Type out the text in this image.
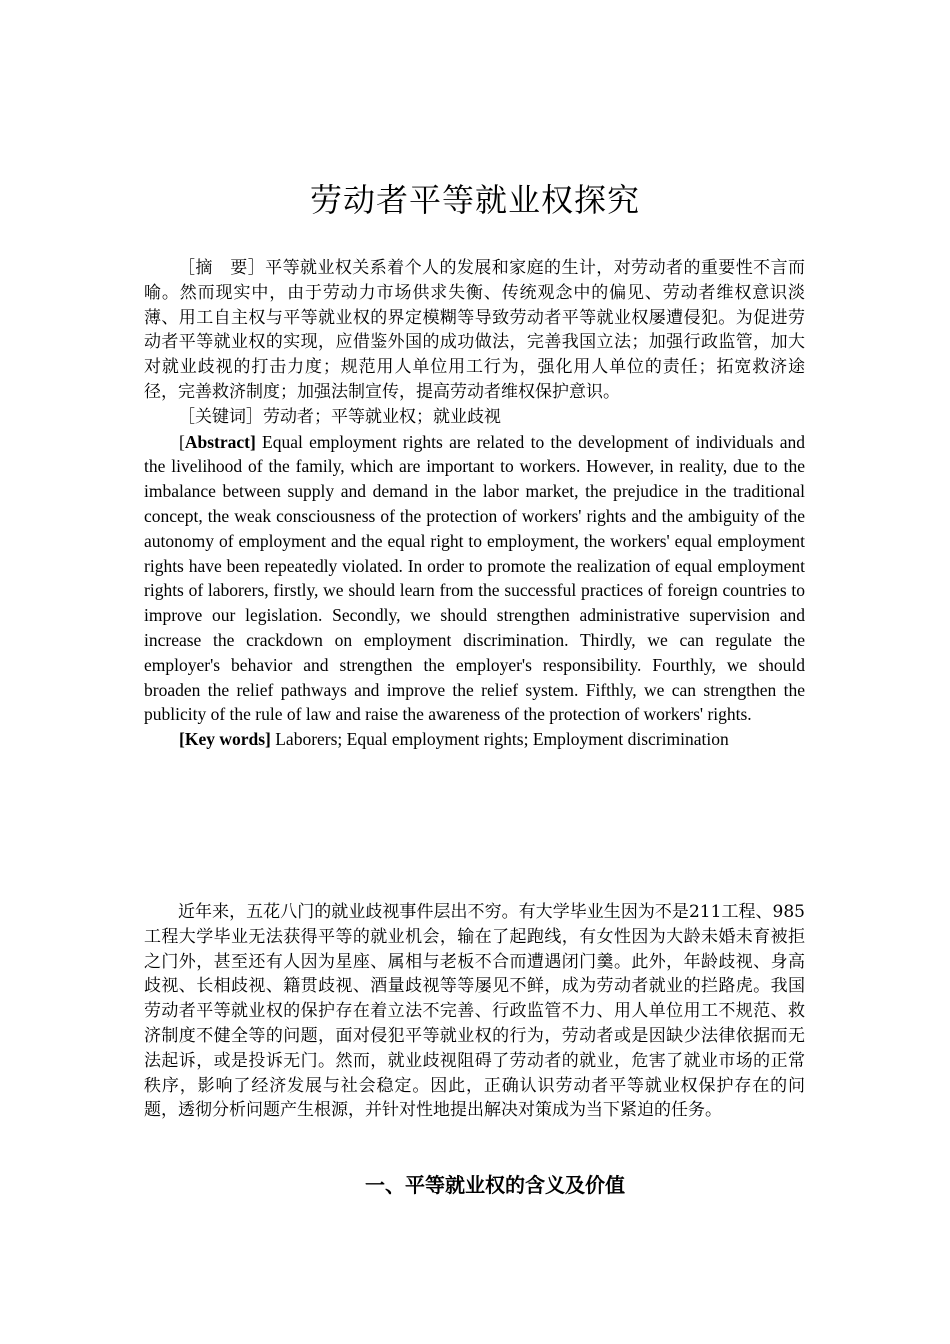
劳动者平等就业权探究

［摘　要］平等就业权关系着个人的发展和家庭的生计，对劳动者的重要性不言而喻。然而现实中，由于劳动力市场供求失衡、传统观念中的偏见、劳动者维权意识淡薄、用工自主权与平等就业权的界定模糊等导致劳动者平等就业权屡遭侵犯。为促进劳动者平等就业权的实现，应借鉴外国的成功做法，完善我国立法；加强行政监管，加大对就业歧视的打击力度；规范用人单位用工行为，强化用人单位的责任；拓宽救济途径，完善救济制度；加强法制宣传，提高劳动者维权保护意识。

［关键词］劳动者；平等就业权；就业歧视

[Abstract] Equal employment rights are related to the development of individuals and the livelihood of the family, which are important to workers. However, in reality, due to the imbalance between supply and demand in the labor market, the prejudice in the traditional concept, the weak consciousness of the protection of workers' rights and the ambiguity of the autonomy of employment and the equal right to employment, the workers' equal employment rights have been repeatedly violated. In order to promote the realization of equal employment rights of laborers, firstly, we should learn from the successful practices of foreign countries to improve our legislation. Secondly, we should strengthen administrative supervision and increase the crackdown on employment discrimination. Thirdly, we can regulate the employer's behavior and strengthen the employer's responsibility. Fourthly, we should broaden the relief pathways and improve the relief system. Fifthly, we can strengthen the publicity of the rule of law and raise the awareness of the protection of workers' rights.

[Key words] Laborers; Equal employment rights; Employment discrimination

近年来，五花八门的就业歧视事件层出不穷。有大学毕业生因为不是211工程、985工程大学毕业无法获得平等的就业机会，输在了起跑线，有女性因为大龄未婚未育被拒之门外，甚至还有人因为星座、属相与老板不合而遭遇闭门羹。此外，年龄歧视、身高歧视、长相歧视、籍贯歧视、酒量歧视等等屡见不鲜，成为劳动者就业的拦路虎。我国劳动者平等就业权的保护存在着立法不完善、行政监管不力、用人单位用工不规范、救济制度不健全等的问题，面对侵犯平等就业权的行为，劳动者或是因缺少法律依据而无法起诉，或是投诉无门。然而，就业歧视阻碍了劳动者的就业，危害了就业市场的正常秩序，影响了经济发展与社会稳定。因此，正确认识劳动者平等就业权保护存在的问题，透彻分析问题产生根源，并针对性地提出解决对策成为当下紧迫的任务。

一、平等就业权的含义及价值
